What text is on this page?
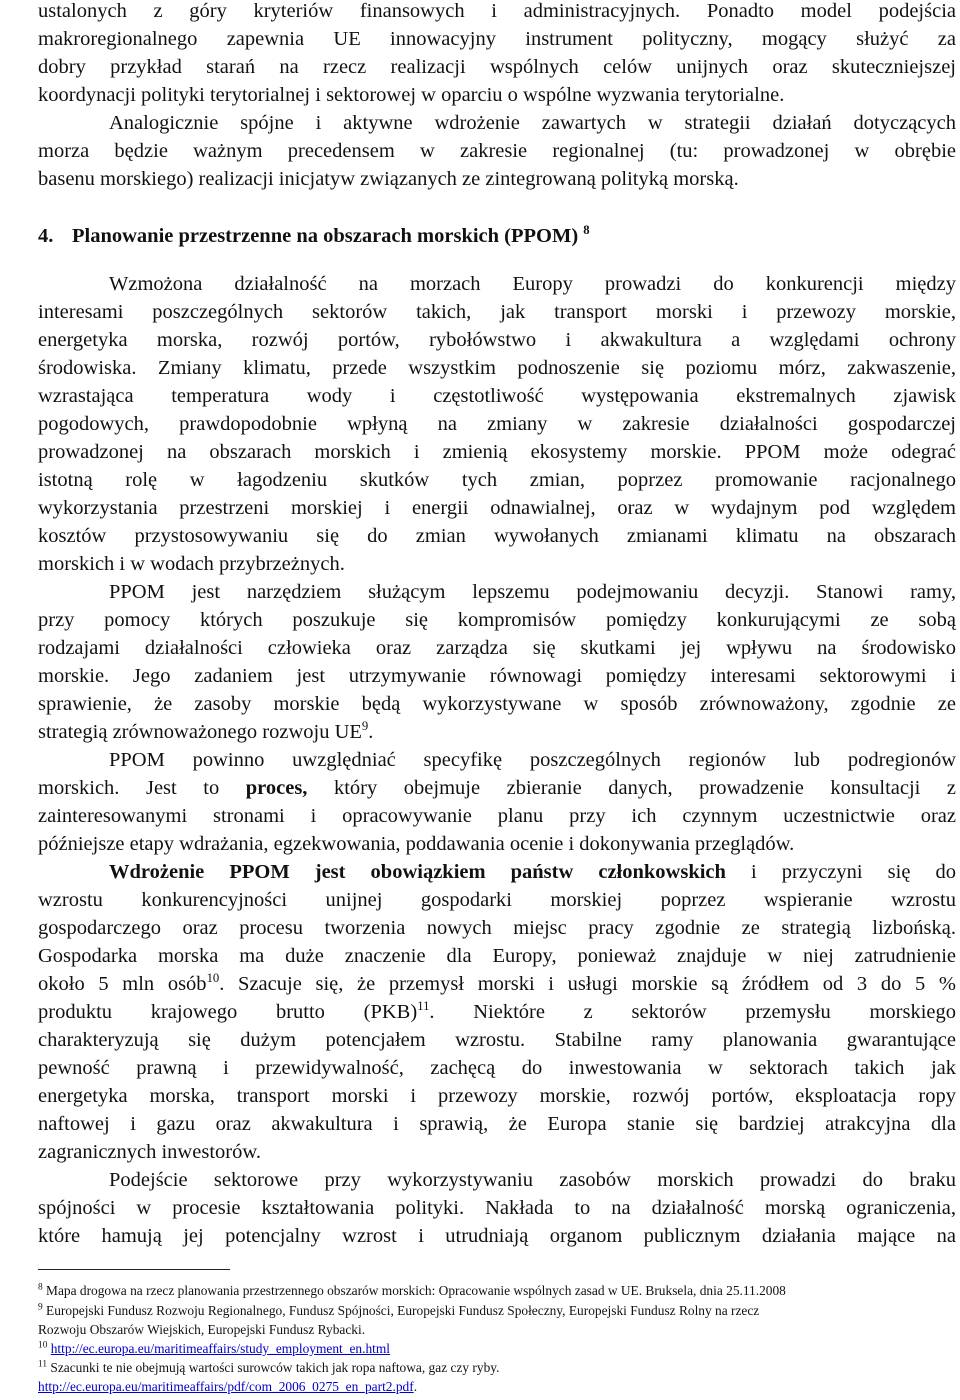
ustalonych z góry kryteriów finansowych i administracyjnych. Ponadto model podejścia
makroregionalnego zapewnia UE innowacyjny instrument polityczny, mogący służyć za
dobry przykład starań na rzecz realizacji wspólnych celów unijnych oraz skuteczniejszej
koordynacji polityki terytorialnej i sektorowej w oparciu o wspólne wyzwania terytorialne.
Analogicznie spójne i aktywne wdrożenie zawartych w strategii działań dotyczących
morza będzie ważnym precedensem w zakresie regionalnej (tu: prowadzonej w obrębie
basenu morskiego) realizacji inicjatyw związanych ze zintegrowaną polityką morską.
4. Planowanie przestrzenne na obszarach morskich (PPOM) $^8$
Wzmożona działalność na morzach Europy prowadzi do konkurencji między
interesami poszczególnych sektorów takich, jak transport morski i przewozy morskie,
energetyka morska, rozwój portów, rybołówstwo i akwakultura a względami ochrony
środowiska. Zmiany klimatu, przede wszystkim podnoszenie się poziomu mórz, zakwaszenie,
wzrastająca temperatura wody i częstotliwość występowania ekstremalnych zjawisk
pogodowych, prawdopodobnie wpłyną na zmiany w zakresie działalności gospodarczej
prowadzonej na obszarach morskich i zmienią ekosystemy morskie. PPOM może odegrać
istotną rolę w łagodzeniu skutków tych zmian, poprzez promowanie racjonalnego
wykorzystania przestrzeni morskiej i energii odnawialnej, oraz w wydajnym pod względem
kosztów przystosowywaniu się do zmian wywołanych zmianami klimatu na obszarach
morskich i w wodach przybrzeżnych.
PPOM jest narzędziem służącym lepszemu podejmowaniu decyzji. Stanowi ramy,
przy pomocy których poszukuje się kompromisów pomiędzy konkurującymi ze sobą
rodzajami działalności człowieka oraz zarządza się skutkami jej wpływu na środowisko
morskie. Jego zadaniem jest utrzymywanie równowagi pomiędzy interesami sektorowymi i
sprawienie, że zasoby morskie będą wykorzystywane w sposób zrównoważony, zgodnie ze
strategią zrównoważonego rozwoju $UE^9$.
PPOM powinno uwzględniać specyfikę poszczególnych regionów lub podregionów
morskich. Jest to proces, który obejmuje zbieranie danych, prowadzenie konsultacji z
zainteresowanymi stronami i opracowywanie planu przy ich czynnym uczestnictwie oraz
późniejsze etapy wdrażania, egzekwowania, poddawania ocenie i dokonywania przeglądów.
Wdrożenie PPOM jest obowiązkiem państw członkowskich i przyczyni się do
wzrostu konkurencyjności unijnej gospodarki morskiej poprzez wspieranie wzrostu
gospodarczego oraz procesu tworzenia nowych miejsc pracy zgodnie ze strategią lizbońską.
Gospodarka morska ma duże znaczenie dla Europy, ponieważ znajduje w niej zatrudnienie
około 5 mln osób$^{10}$. Szacuje się, że przemysł morski i usługi morskie są źródłem od 3 do 5 %
produktu krajowego brutto (PKB)$^{11}$. Niektóre z sektorów przemysłu morskiego
charakteryzują się dużym potencjałem wzrostu. Stabilne ramy planowania gwarantujące
pewność prawną i przewidywalność, zachęcą do inwestowania w sektorach takich jak
energetyka morska, transport morski i przewozy morskie, rozwój portów, eksploatacja ropy
naftowej i gazu oraz akwakultura i sprawią, że Europa stanie się bardziej atrakcyjna dla
zagranicznych inwestorów.
Podejście sektorowe przy wykorzystywaniu zasobów morskich prowadzi do braku
spójności w procesie kształtowania polityki. Nakłada to na działalność morską ograniczenia,
które hamują jej potencjalny wzrost i utrudniają organom publicznym działania mające na
$^8$ Mapa drogowa na rzecz planowania przestrzennego obszarów morskich: Opracowanie wspólnych zasad w UE. Bruksela, dnia 25.11.2008
$^9$ Europejski Fundusz Rozwoju Regionalnego, Fundusz Spójności, Europejski Fundusz Społeczny, Europejski Fundusz Rolny na rzecz
Rozwoju Obszarów Wiejskich, Europejski Fundusz Rybacki.
$^{10}$ http://ec.europa.eu/maritimeaffairs/study_employment_en.html
$^{11}$ Szacunki te nie obejmują wartości surowców takich jak ropa naftowa, gaz czy ryby.
http://ec.europa.eu/maritimeaffairs/pdf/com_2006_0275_en_part2.pdf.
